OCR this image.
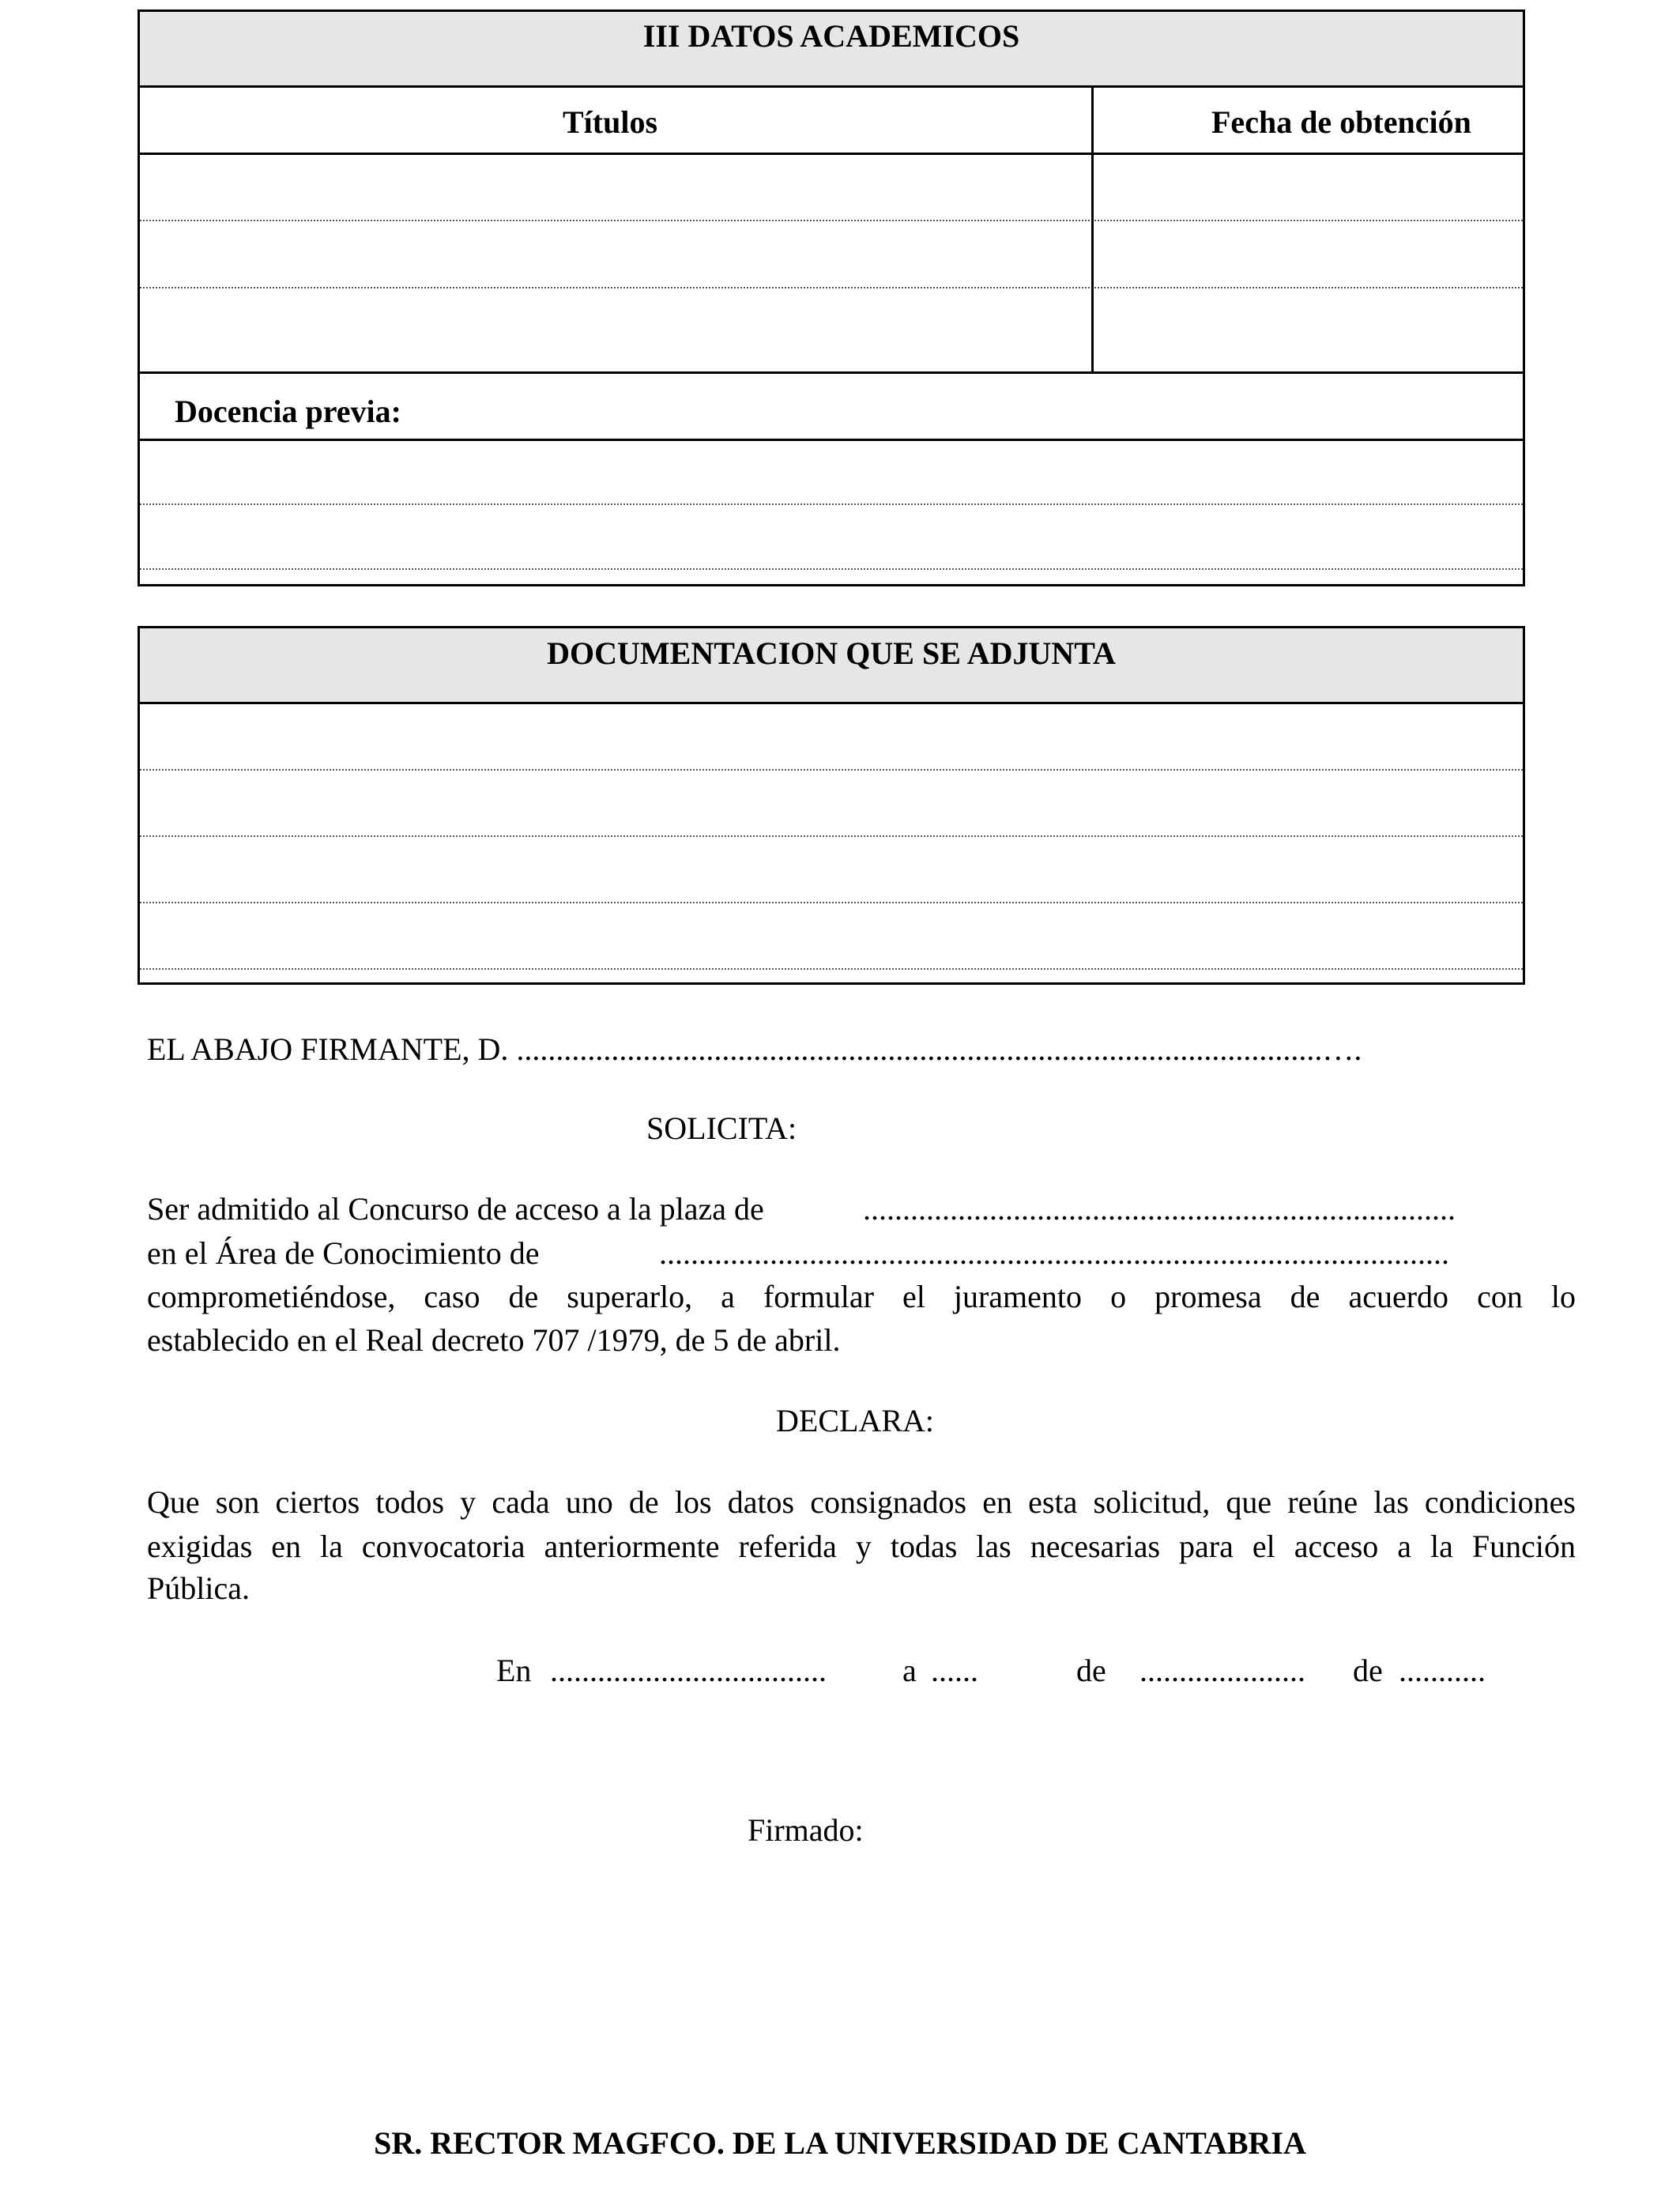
III DATOS ACADEMICOS
Títulos	Fecha de obtención
Docencia previa:
DOCUMENTACION QUE SE ADJUNTA
EL ABAJO FIRMANTE, D. ......................................................................................................….
SOLICITA:
Ser admitido al Concurso de acceso a la plaza de	...........................................................................
en el Área de Conocimiento de	....................................................................................................
comprometiéndose, caso de superarlo, a formular el juramento o promesa de acuerdo con lo
establecido en el Real decreto 707 /1979, de 5 de abril.
DECLARA:
Que son ciertos todos y cada uno de los datos consignados en esta solicitud, que reúne las condiciones
exigidas en la convocatoria anteriormente referida y todas las necesarias para el acceso a la Función
Pública.
En ................................... a ......	de ..................... de ...........
Firmado:
SR. RECTOR MAGFCO. DE LA UNIVERSIDAD DE CANTABRIA
